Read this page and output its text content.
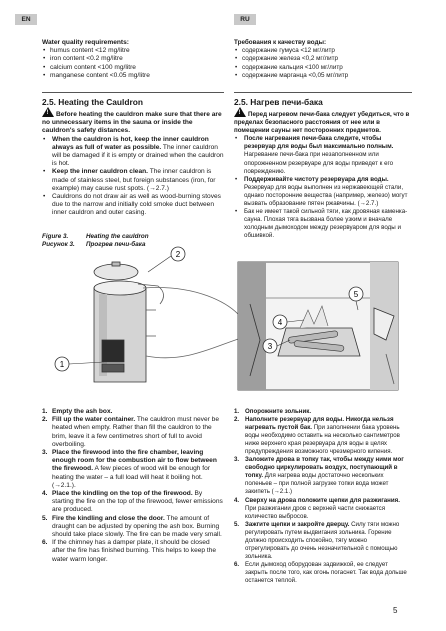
EN	RU

Water quality requirements:

• humus content <12 mg/litre
• iron content <0.2 mg/litre
• calcium content <100 mg/litre
• manganese content <0.05 mg/litre
2.5. Heating the Cauldron

!Before heating the cauldron make sure that there are no unnecessary items in the sauna or inside the cauldron's safety distances.

• When the cauldron is hot, keep the inner cauldron always as full of water as possible. The inner cauldron will be damaged if it is empty or drained when the cauldron is hot.
• Keep the inner cauldron clean. The inner cauldron is made of stainless steel, but foreign substances (iron, for example) may cause rust spots. (→2.7.)
• Cauldrons do not draw air as well as wood-burning stoves due to the narrow and initially cold smoke duct between inner cauldron and outer casing.

Требования к качеству воды:

• содержание гумуса <12 мг/литр
• содержание железа <0,2 мг/литр
• содержание кальция <100 мг/литр
• содержание марганца <0,05 мг/литр
2.5. Нагрев печи-бака

!Перед нагревом печи-бака следует убедиться, что в пределах безопасного расстояния от нее или в помещении сауны нет посторонних предметов.

• После нагревания печи-бака следите, чтобы резервуар для воды был максимально полным. Нагревание печи-бака при незаполненном или опорожненном резервуаре для воды приведет к его повреждению.
• Поддерживайте чистоту резервуара для воды. Резервуар для воды выполнен из нержавеющей стали, однако посторонние вещества (например, железо) могут вызвать образование пятен ржавчины. (→2.7.)
• Бак не имеет такой сильной тяги, как дровяная каменка-сауна. Плохая тяга вызвана более узким и вначале холодным дымоходом между резервуаром для воды и обшивкой.
Figure 3.	Heating the cauldron
Рисунок 3. Прогрев печи-бака
1
2
3
4
5
1. Empty the ash box.
2. Fill up the water container. The cauldron must never be heated when empty. Rather than fill the cauldron to the brim, leave it a few centimetres short of full to avoid overboiling.
3. Place the firewood into the fire chamber, leaving enough room for the combustion air to flow between the firewood. A few pieces of wood will be enough for heating the water – a full load will heat it boiling hot. (→2.1.).
4. Place the kindling on the top of the firewood. By starting the fire on the top of the firewood, fewer emissions are produced.
5. Fire the kindling and close the door. The amount of draught can be adjusted by opening the ash box. Burning should take place slowly. The fire can be made very small.
6. If the chimney has a damper plate, it should be closed after the fire has finished burning. This helps to keep the water warm longer.
1. Опорожните зольник.
2. Наполните резервуар для воды. Никогда нельзя нагревать пустой бак. При заполнении бака уровень воды необходимо оставить на несколько сантиметров ниже верхнего края резервуара для воды в целях предупреждения возможного чрезмерного кипения.
3. Заложите дрова в топку так, чтобы между ними мог свободно циркулировать воздух, поступающий в топку. Для нагрева воды достаточно нескольких поленьев – при полной загрузке топки вода может закипеть (→2.1.)
4. Сверху на дрова положите щепки для разжигания. При разжигании дров с верхней части снижается количество выбросов.
5. Зажгите щепки и закройте дверцу. Силу тяги можно регулировать путем выдвигания зольника. Горение должно происходить спокойно, тягу можно отрегулировать до очень незначительной с помощью зольника.
6. Если дымоход оборудован задвижкой, ее следует закрыть после того, как огонь погаснет. Так вода дольше останется теплой.
5
